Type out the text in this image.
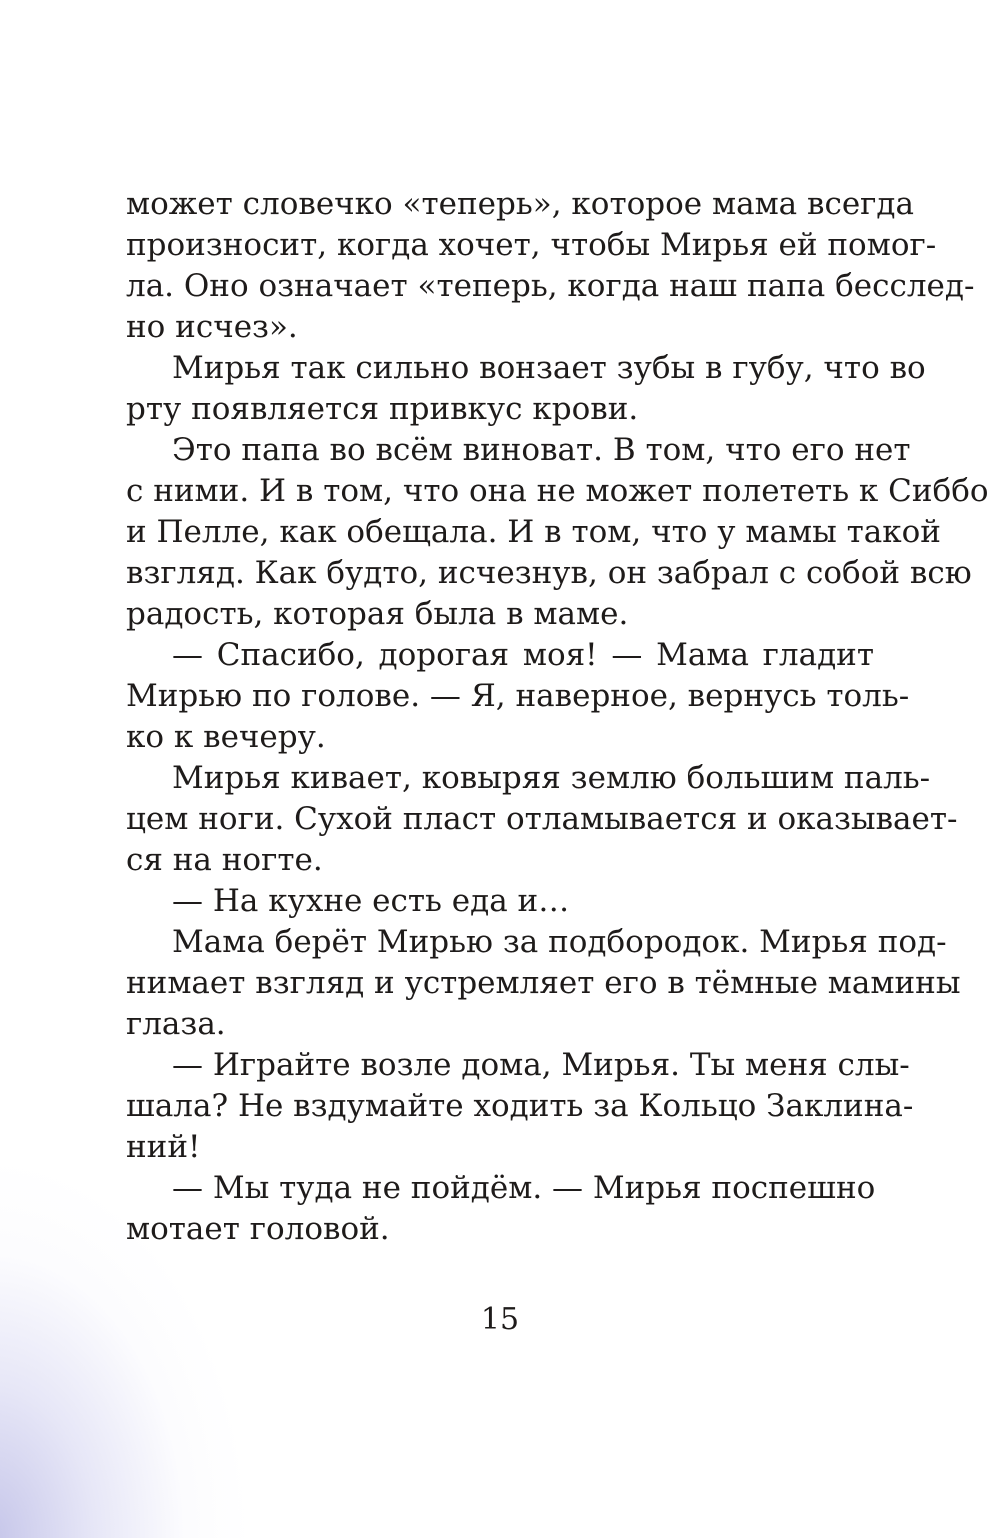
может словечко «теперь», которое мама всегда
произносит, когда хочет, чтобы Мирья ей помог-
ла. Оно означает «теперь, когда наш папа бесслед-
но исчез».
Мирья так сильно вонзает зубы в губу, что во
рту появляется привкус крови.
Это папа во всём виноват. В том, что его нет
с ними. И в том, что она не может полететь к Сиббо
и Пелле, как обещала. И в том, что у мамы такой
взгляд. Как будто, исчезнув, он забрал с собой всю
радость, которая была в маме.
— Спасибо, дорогая моя! — Мама гладит
Мирью по голове. — Я, наверное, вернусь толь-
ко к вечеру.
Мирья кивает, ковыряя землю большим паль-
цем ноги. Сухой пласт отламывается и оказывает-
ся на ногте.
— На кухне есть еда и…
Мама берёт Мирью за подбородок. Мирья под-
нимает взгляд и устремляет его в тёмные мамины
глаза.
— Играйте возле дома, Мирья. Ты меня слы-
шала? Не вздумайте ходить за Кольцо Заклина-
ний!
— Мы туда не пойдём. — Мирья поспешно
мотает головой.
15
